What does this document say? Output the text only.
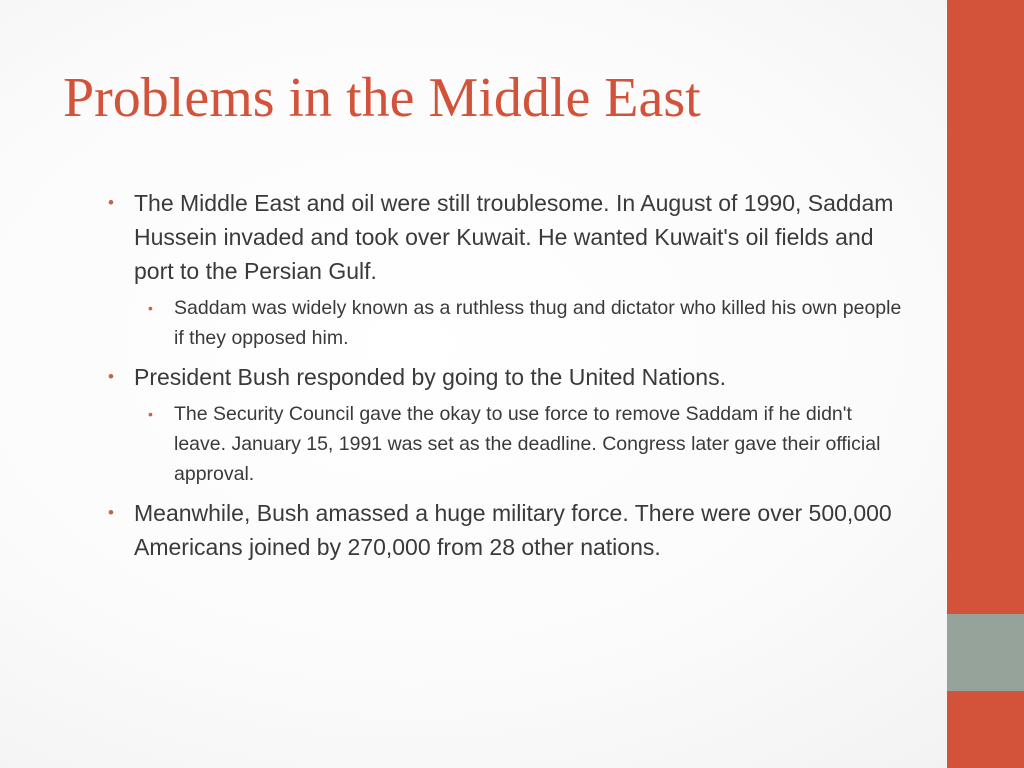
Problems in the Middle East
• The Middle East and oil were still troublesome. In August of 1990, Saddam Hussein invaded and took over Kuwait. He wanted Kuwait's oil fields and port to the Persian Gulf.
• Saddam was widely known as a ruthless thug and dictator who killed his own people if they opposed him.
• President Bush responded by going to the United Nations.
• The Security Council gave the okay to use force to remove Saddam if he didn't leave. January 15, 1991 was set as the deadline. Congress later gave their official approval.
• Meanwhile, Bush amassed a huge military force. There were over 500,000 Americans joined by 270,000 from 28 other nations.
